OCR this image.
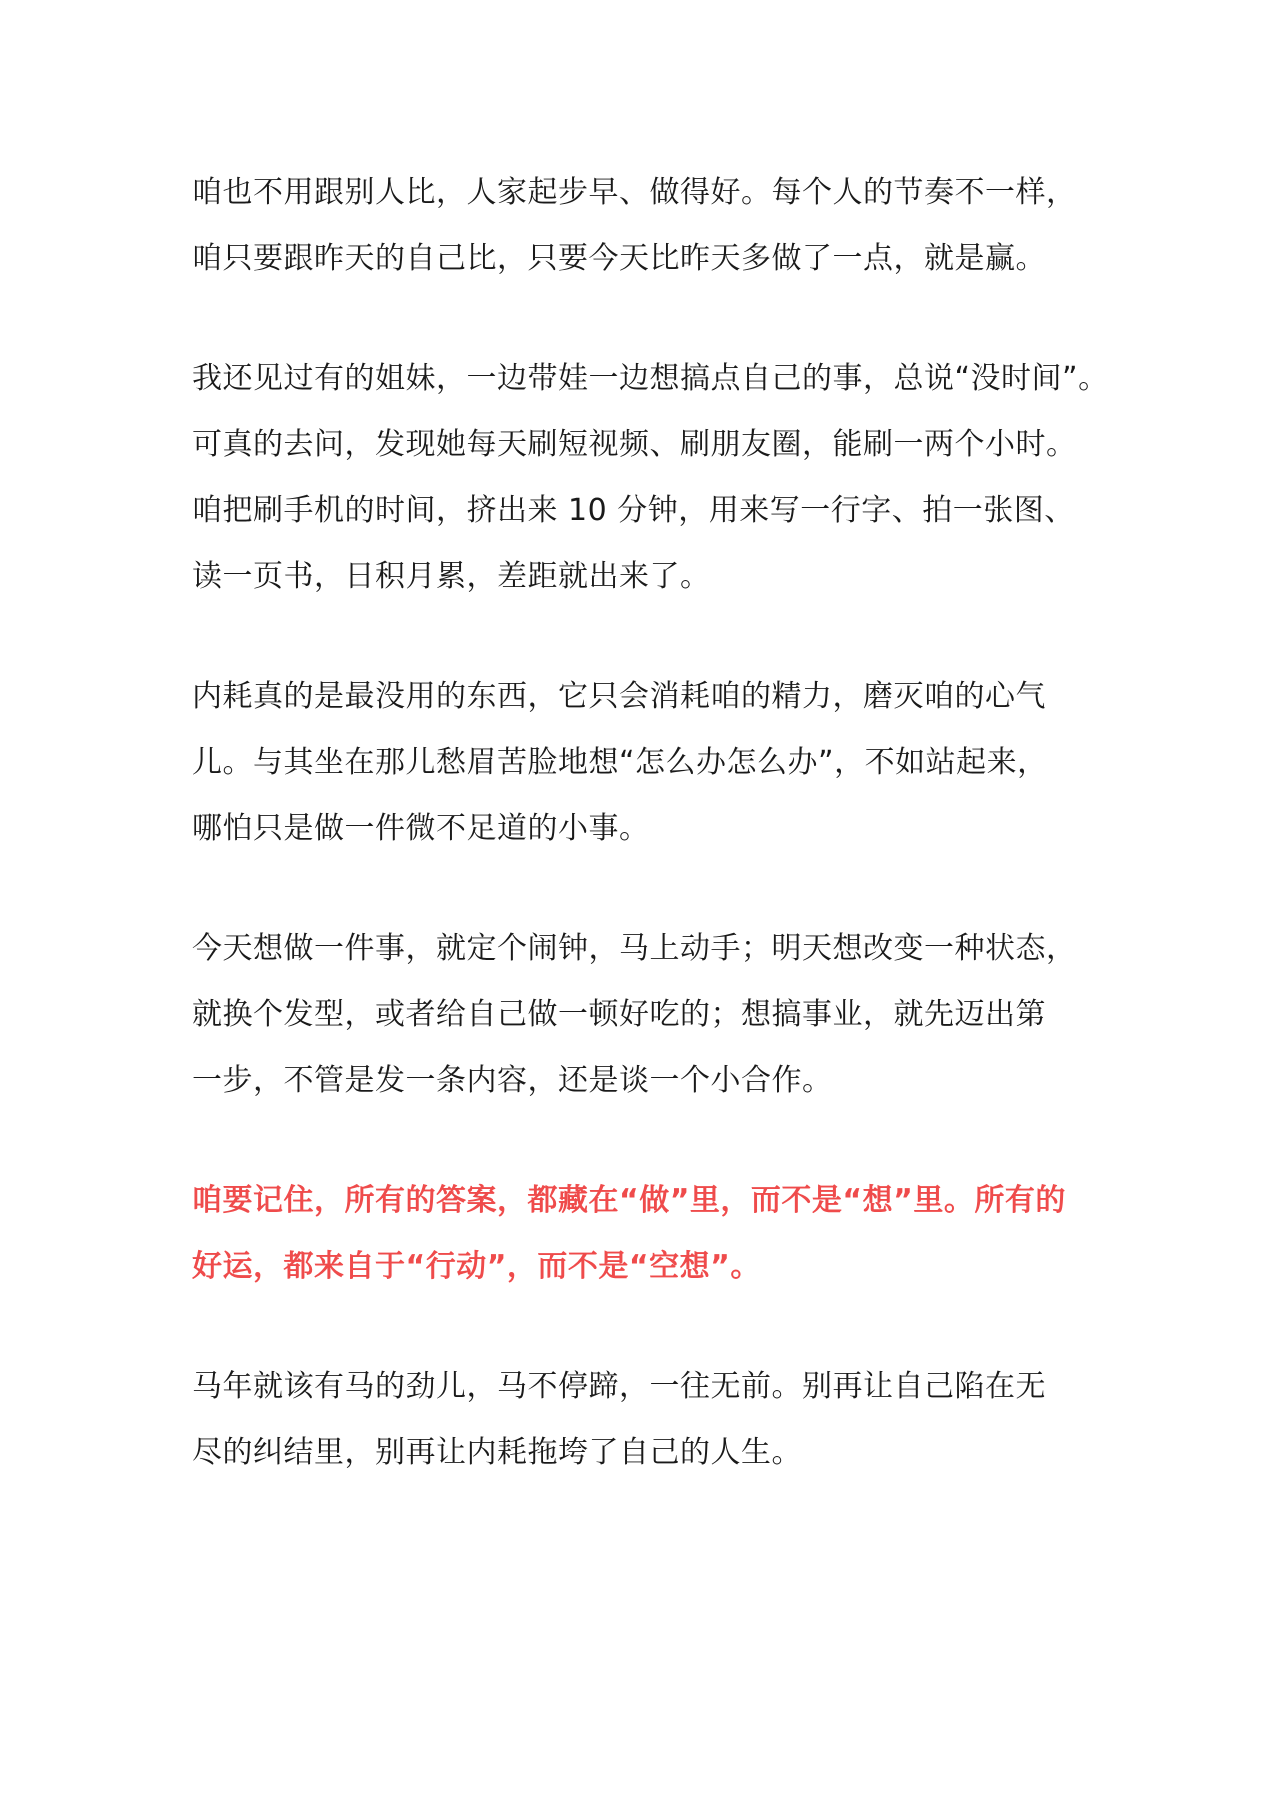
咱也不用跟别人比，人家起步早、做得好。每个人的节奏不一样，
咱只要跟昨天的自己比，只要今天比昨天多做了一点，就是赢。

我还见过有的姐妹，一边带娃一边想搞点自己的事，总说“没时间”。
可真的去问，发现她每天刷短视频、刷朋友圈，能刷一两个小时。
咱把刷手机的时间，挤出来 10 分钟，用来写一行字、拍一张图、
读一页书，日积月累，差距就出来了。

内耗真的是最没用的东西，它只会消耗咱的精力，磨灭咱的心气
儿。与其坐在那儿愁眉苦脸地想“怎么办怎么办”，不如站起来，
哪怕只是做一件微不足道的小事。

今天想做一件事，就定个闹钟，马上动手；明天想改变一种状态，
就换个发型，或者给自己做一顿好吃的；想搞事业，就先迈出第
一步，不管是发一条内容，还是谈一个小合作。

咱要记住，所有的答案，都藏在“做”里，而不是“想”里。所有的
好运，都来自于“行动”，而不是“空想”。

马年就该有马的劲儿，马不停蹄，一往无前。别再让自己陷在无
尽的纠结里，别再让内耗拖垮了自己的人生。
